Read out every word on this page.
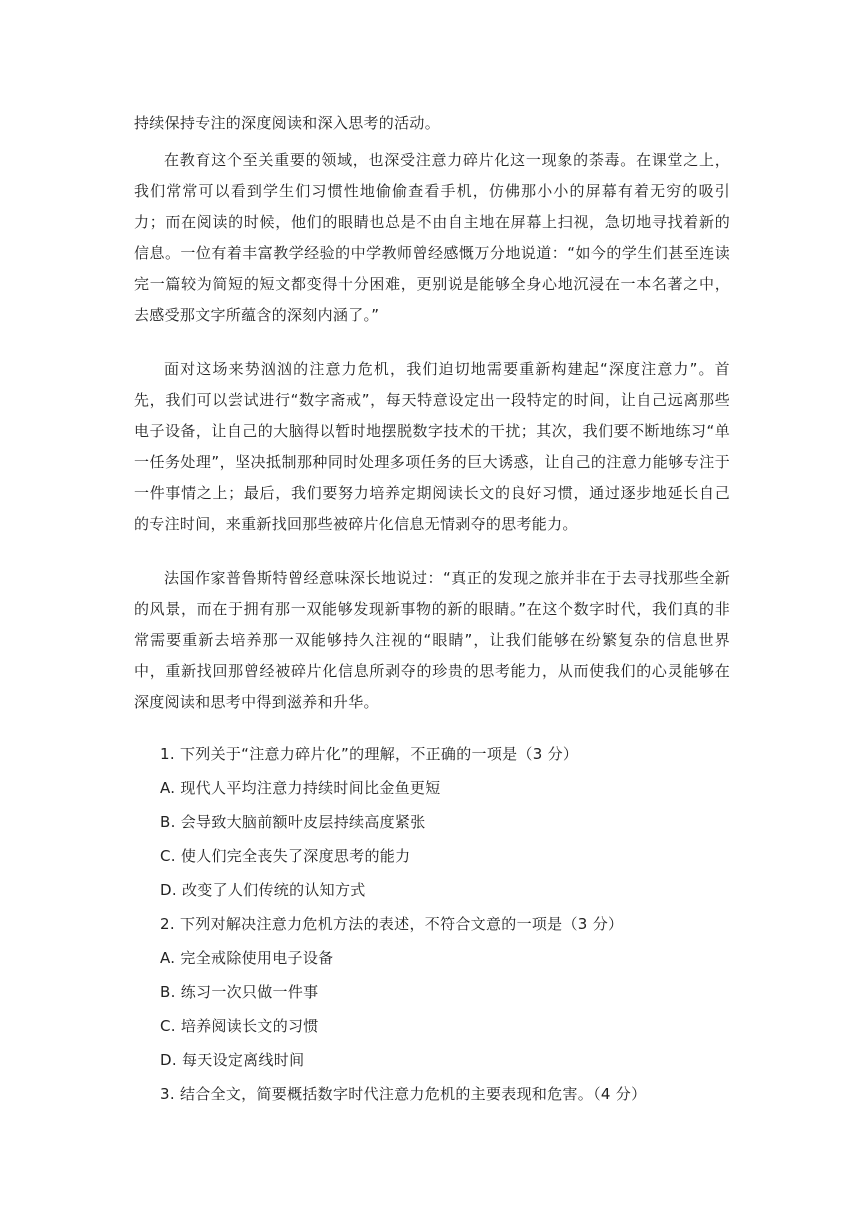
持续保持专注的深度阅读和深入思考的活动。

在教育这个至关重要的领域，也深受注意力碎片化这一现象的荼毒。在课堂之上，我们常常可以看到学生们习惯性地偷偷查看手机，仿佛那小小的屏幕有着无穷的吸引力；而在阅读的时候，他们的眼睛也总是不由自主地在屏幕上扫视，急切地寻找着新的信息。一位有着丰富教学经验的中学教师曾经感慨万分地说道：“如今的学生们甚至连读完一篇较为简短的短文都变得十分困难，更别说是能够全身心地沉浸在一本名著之中，去感受那文字所蕴含的深刻内涵了。”

面对这场来势汹汹的注意力危机，我们迫切地需要重新构建起“深度注意力”。首先，我们可以尝试进行“数字斋戒”，每天特意设定出一段特定的时间，让自己远离那些电子设备，让自己的大脑得以暂时地摆脱数字技术的干扰；其次，我们要不断地练习“单一任务处理”，坚决抵制那种同时处理多项任务的巨大诱惑，让自己的注意力能够专注于一件事情之上；最后，我们要努力培养定期阅读长文的良好习惯，通过逐步地延长自己的专注时间，来重新找回那些被碎片化信息无情剥夺的思考能力。

法国作家普鲁斯特曾经意味深长地说过：“真正的发现之旅并非在于去寻找那些全新的风景，而在于拥有那一双能够发现新事物的新的眼睛。”在这个数字时代，我们真的非常需要重新去培养那一双能够持久注视的“眼睛”，让我们能够在纷繁复杂的信息世界中，重新找回那曾经被碎片化信息所剥夺的珍贵的思考能力，从而使我们的心灵能够在深度阅读和思考中得到滋养和升华。

1. 下列关于“注意力碎片化”的理解，不正确的一项是（3 分）

A. 现代人平均注意力持续时间比金鱼更短

B. 会导致大脑前额叶皮层持续高度紧张

C. 使人们完全丧失了深度思考的能力

D. 改变了人们传统的认知方式

2. 下列对解决注意力危机方法的表述，不符合文意的一项是（3 分）

A. 完全戒除使用电子设备

B. 练习一次只做一件事

C. 培养阅读长文的习惯

D. 每天设定离线时间

3. 结合全文，简要概括数字时代注意力危机的主要表现和危害。（4 分）
